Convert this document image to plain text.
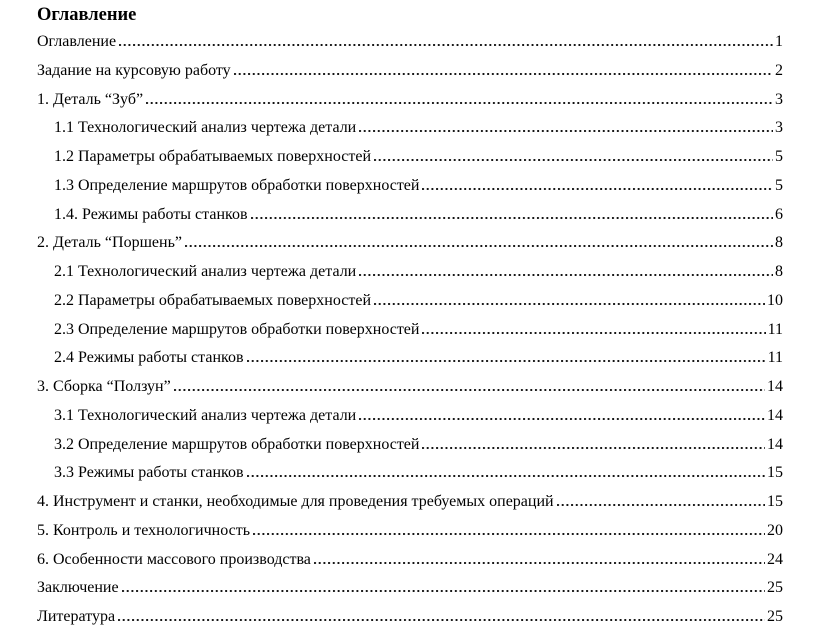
Оглавление
Оглавление	1
Задание на курсовую работу	2
1. Деталь “Зуб”	3
1.1 Технологический анализ чертежа детали	3
1.2 Параметры обрабатываемых поверхностей	5
1.3 Определение маршрутов обработки поверхностей	5
1.4. Режимы работы станков	6
2. Деталь “Поршень”	8
2.1 Технологический анализ чертежа детали	8
2.2 Параметры обрабатываемых поверхностей	10
2.3 Определение маршрутов обработки поверхностей	11
2.4 Режимы работы станков	11
3. Сборка “Ползун”	14
3.1 Технологический анализ чертежа детали	14
3.2 Определение маршрутов обработки поверхностей	14
3.3 Режимы работы станков	15
4. Инструмент и станки, необходимые для проведения требуемых операций	15
5. Контроль и технологичность	20
6. Особенности массового производства	24
Заключение	25
Литература	25
